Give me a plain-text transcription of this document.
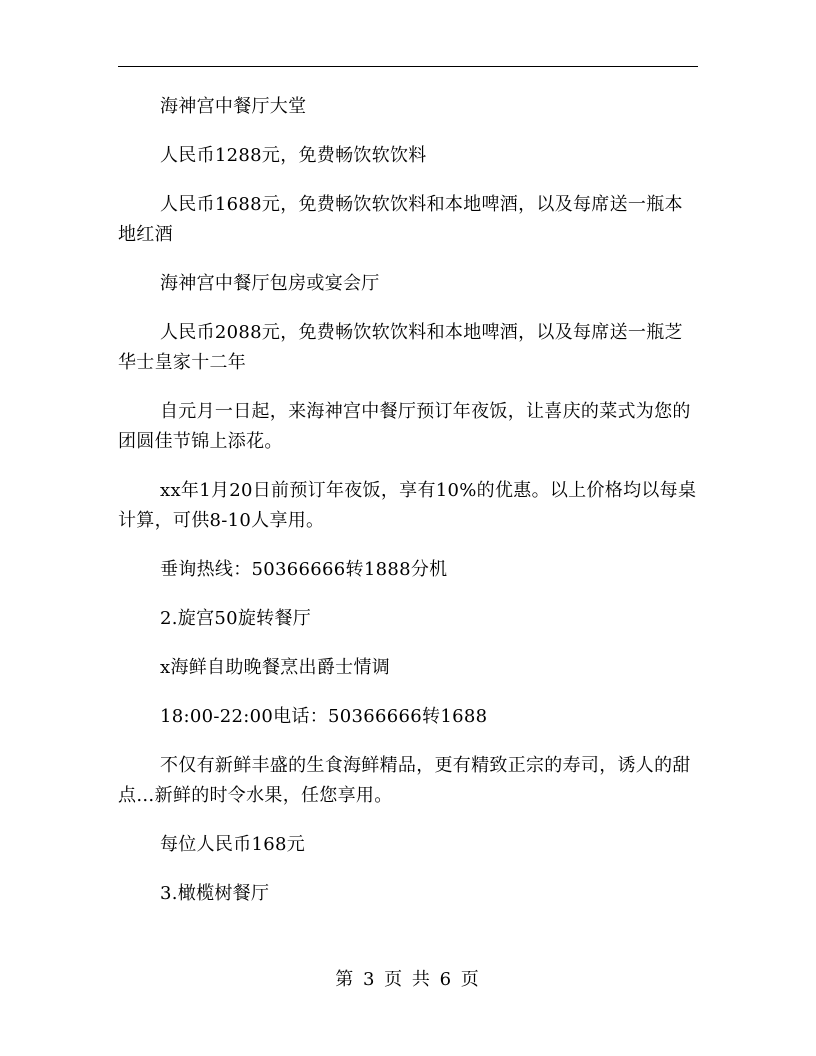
海神宫中餐厅大堂

人民币1288元，免费畅饮软饮料

人民币1688元，免费畅饮软饮料和本地啤酒，以及每席送一瓶本地红酒

海神宫中餐厅包房或宴会厅

人民币2088元，免费畅饮软饮料和本地啤酒，以及每席送一瓶芝华士皇家十二年

自元月一日起，来海神宫中餐厅预订年夜饭，让喜庆的菜式为您的团圆佳节锦上添花。

xx年1月20日前预订年夜饭，享有10%的优惠。以上价格均以每桌计算，可供8-10人享用。

垂询热线：50366666转1888分机

2.旋宫50旋转餐厅

x海鲜自助晚餐烹出爵士情调

18:00-22:00电话：50366666转1688

不仅有新鲜丰盛的生食海鲜精品，更有精致正宗的寿司，诱人的甜点…新鲜的时令水果，任您享用。

每位人民币168元

3.橄榄树餐厅

第 3 页 共 6 页
